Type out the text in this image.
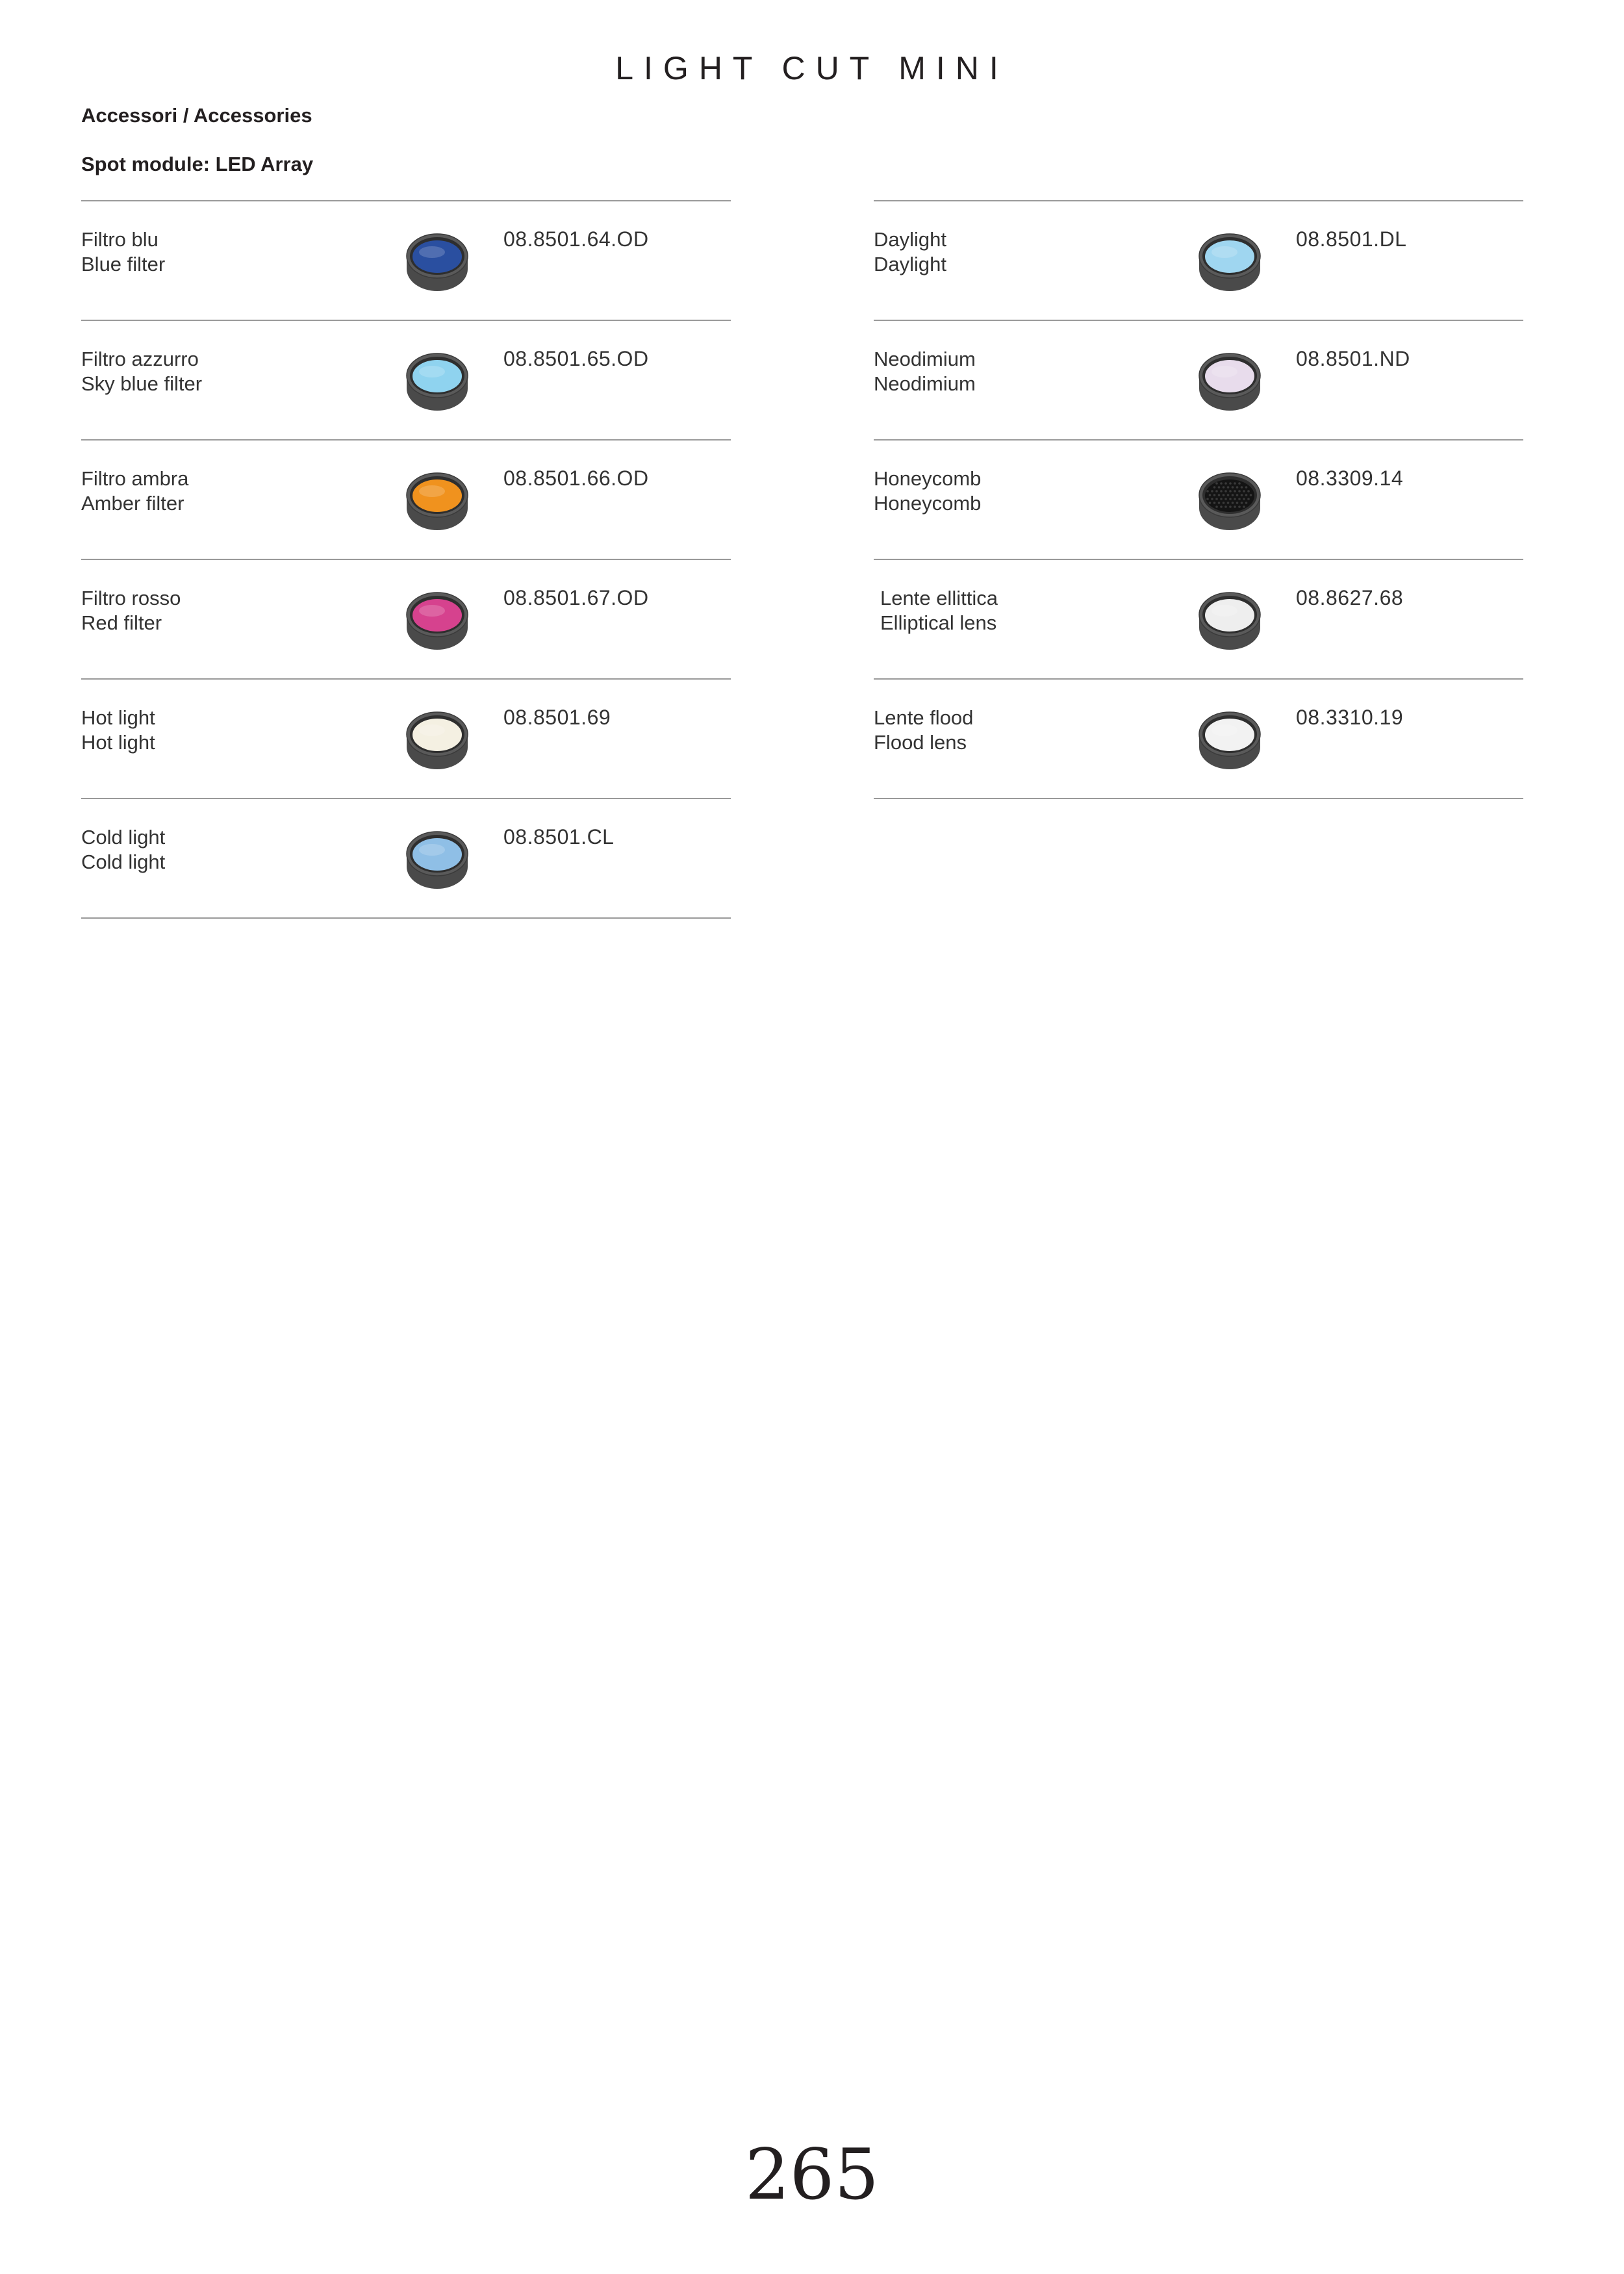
LIGHT CUT MINI
Accessori / Accessories
Spot module: LED Array
Filtro blu
Blue filter
08.8501.64.OD
Filtro azzurro
Sky blue filter
08.8501.65.OD
Filtro ambra
Amber filter
08.8501.66.OD
Filtro rosso
Red filter
08.8501.67.OD
Hot light
Hot light
08.8501.69
Cold light
Cold light
08.8501.CL
Daylight
Daylight
08.8501.DL
Neodimium
Neodimium
08.8501.ND
Honeycomb
Honeycomb
08.3309.14
Lente ellittica
Elliptical lens
08.8627.68
Lente flood
Flood lens
08.3310.19
265
